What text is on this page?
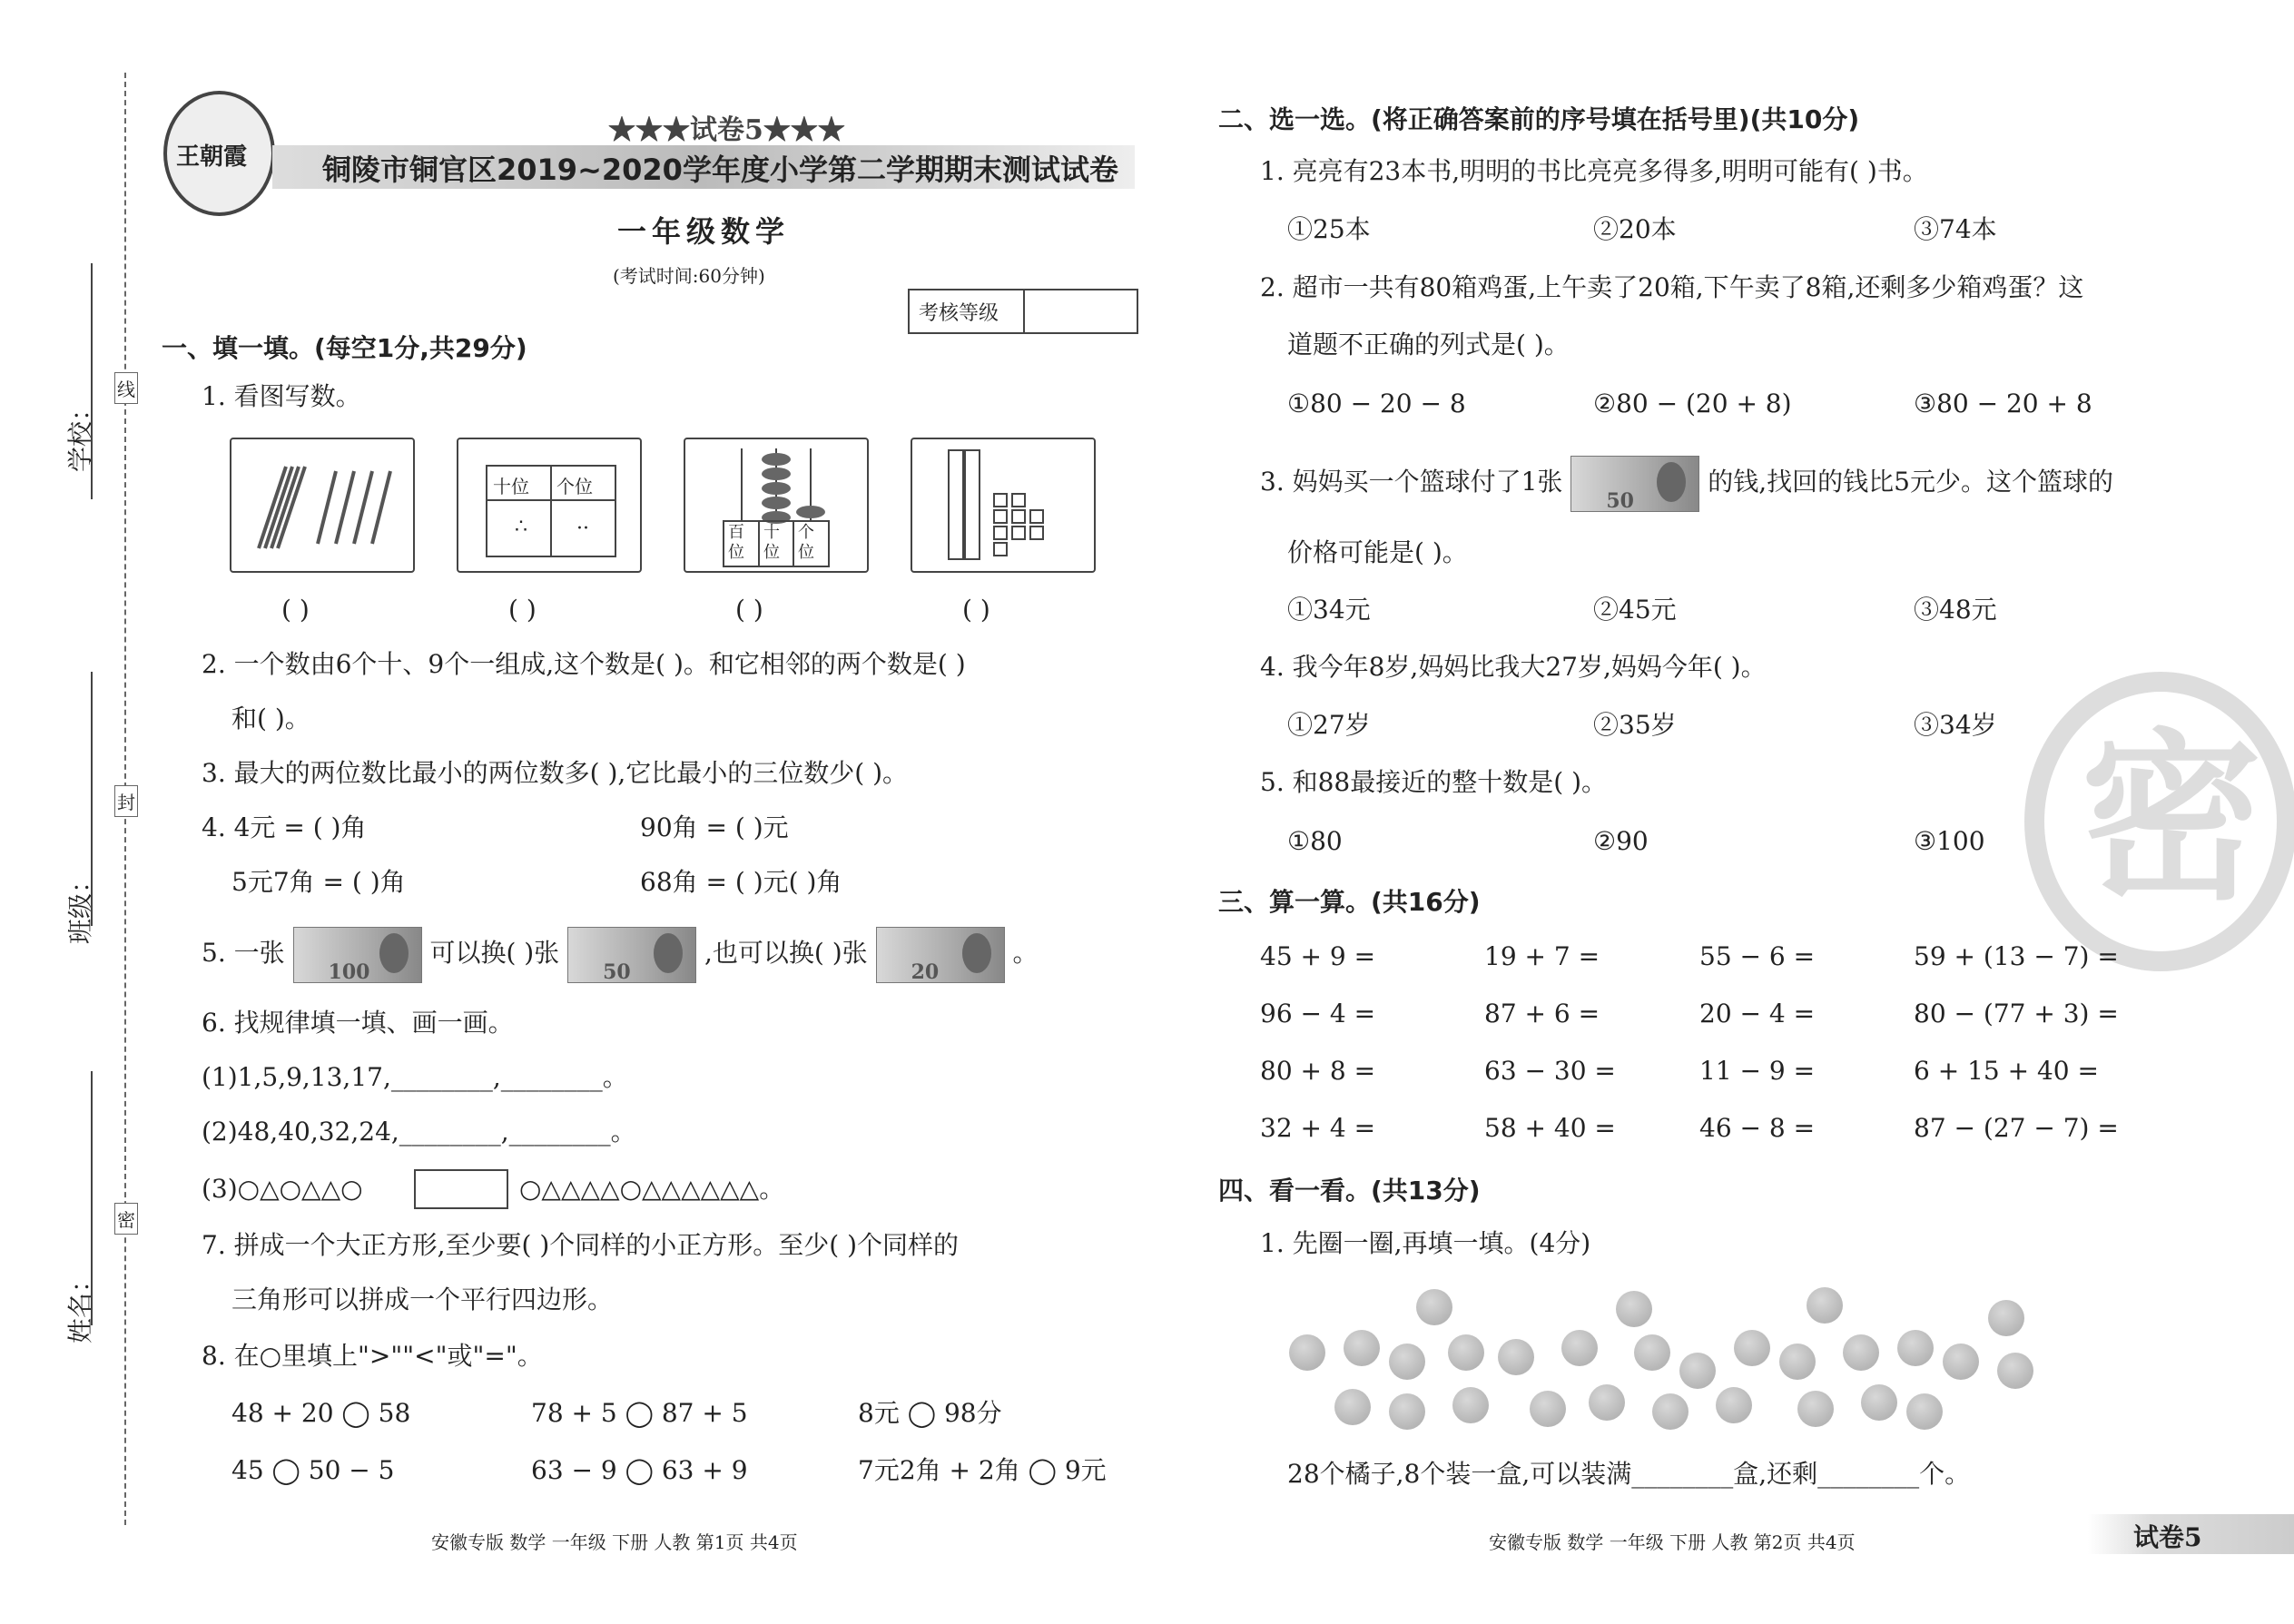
学校：
班级：
姓名：
线
封
密
王朝霞
★★★试卷5★★★
铜陵市铜官区2019~2020学年度小学第二学期期末测试试卷
一年级数学
(考试时间:60分钟)
考核等级
一、填一填。(每空1分,共29分)
1. 看图写数。
十位 个位
∴ ··	百位
十位
个位
( )	( )	( )	( )
2. 一个数由6个十、9个一组成,这个数是( )。和它相邻的两个数是( )
和( )。
3. 最大的两位数比最小的两位数多( ),它比最小的三位数少( )。
4. 4元 = ( )角	90角 = ( )元
5元7角 = ( )角	68角 = ( )元( )角
5. 一张
100
可以换( )张
50
,也可以换( )张
20
。
6. 找规律填一填、画一画。
(1)1,5,9,13,17,________,________。
(2)48,40,32,24,________,________。
(3)○△○△△○	○△△△△○△△△△△△。
7. 拼成一个大正方形,至少要( )个同样的小正方形。至少( )个同样的
三角形可以拼成一个平行四边形。
8. 在○里填上">""<"或"="。
48 + 20 ◯ 58	78 + 5 ◯ 87 + 5	8元 ◯ 98分
45 ◯ 50 − 5	63 − 9 ◯ 63 + 9	7元2角 + 2角 ◯ 9元
安徽专版 数学 一年级 下册 人教 第1页 共4页
二、选一选。(将正确答案前的序号填在括号里)(共10分)
1. 亮亮有23本书,明明的书比亮亮多得多,明明可能有( )书。
①25本	②20本	③74本
2. 超市一共有80箱鸡蛋,上午卖了20箱,下午卖了8箱,还剩多少箱鸡蛋？这
道题不正确的列式是( )。
①80 − 20 − 8	②80 − (20 + 8)	③80 − 20 + 8
3. 妈妈买一个篮球付了1张
50
的钱,找回的钱比5元少。这个篮球的
价格可能是( )。
①34元	②45元	③48元
4. 我今年8岁,妈妈比我大27岁,妈妈今年( )。
①27岁	②35岁	③34岁
5. 和88最接近的整十数是( )。
①80	②90	③100 密
三、算一算。(共16分)
45 + 9 =	19 + 7 =	55 − 6 =	59 + (13 − 7) =
96 − 4 =	87 + 6 =	20 − 4 =	80 − (77 + 3) =
80 + 8 =	63 − 30 =	11 − 9 =	6 + 15 + 40 =
32 + 4 =	58 + 40 =	46 − 8 =	87 − (27 − 7) =
四、看一看。(共13分)
1. 先圈一圈,再填一填。(4分)
28个橘子,8个装一盒,可以装满________盒,还剩________个。
安徽专版 数学 一年级 下册 人教 第2页 共4页	试卷5
